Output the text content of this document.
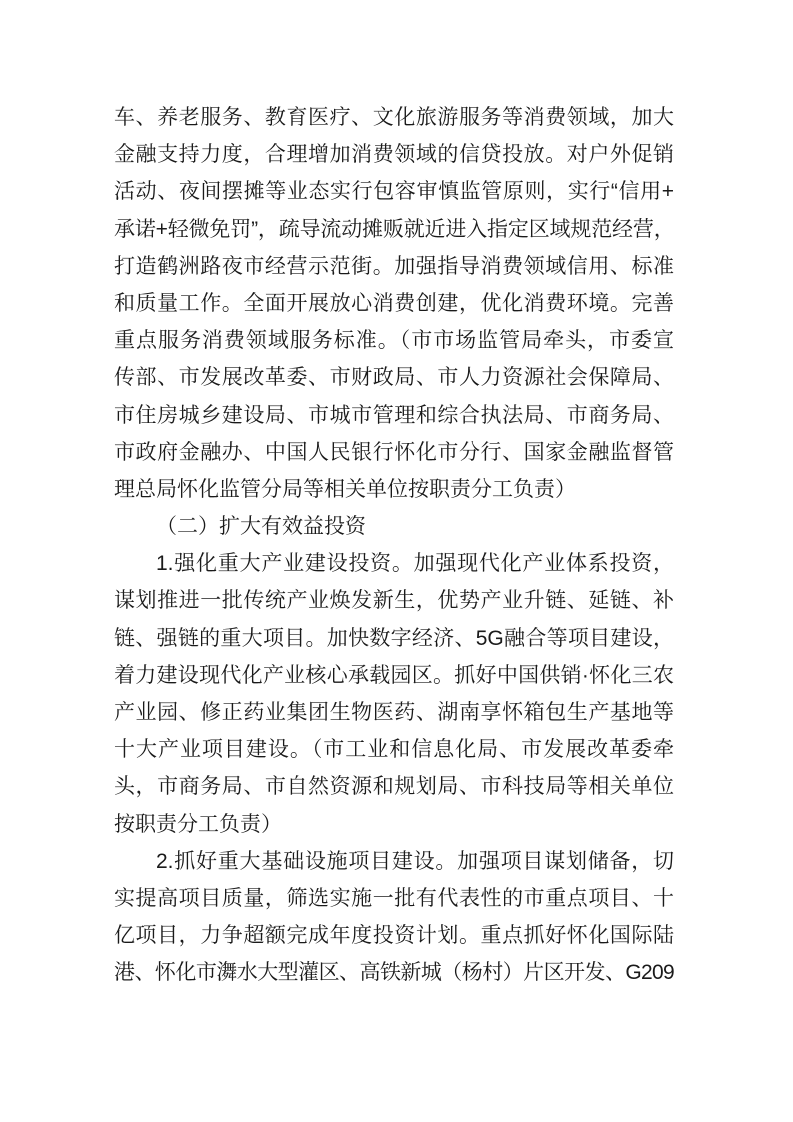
车、养老服务、教育医疗、文化旅游服务等消费领域，加大
金融支持力度，合理增加消费领域的信贷投放。对户外促销
活动、夜间摆摊等业态实行包容审慎监管原则，实行“信用+
承诺+轻微免罚”，疏导流动摊贩就近进入指定区域规范经营，
打造鹤洲路夜市经营示范街。加强指导消费领域信用、标准
和质量工作。全面开展放心消费创建，优化消费环境。完善
重点服务消费领域服务标准。（市市场监管局牵头，市委宣
传部、市发展改革委、市财政局、市人力资源社会保障局、
市住房城乡建设局、市城市管理和综合执法局、市商务局、
市政府金融办、中国人民银行怀化市分行、国家金融监督管
理总局怀化监管分局等相关单位按职责分工负责）
（二）扩大有效益投资
1.强化重大产业建设投资。加强现代化产业体系投资，
谋划推进一批传统产业焕发新生，优势产业升链、延链、补
链、强链的重大项目。加快数字经济、5G融合等项目建设，
着力建设现代化产业核心承载园区。抓好中国供销·怀化三农
产业园、修正药业集团生物医药、湖南享怀箱包生产基地等
十大产业项目建设。（市工业和信息化局、市发展改革委牵
头，市商务局、市自然资源和规划局、市科技局等相关单位
按职责分工负责）
2.抓好重大基础设施项目建设。加强项目谋划储备，切
实提高项目质量，筛选实施一批有代表性的市重点项目、十
亿项目，力争超额完成年度投资计划。重点抓好怀化国际陆
港、怀化市㵲水大型灌区、高铁新城（杨村）片区开发、G209
